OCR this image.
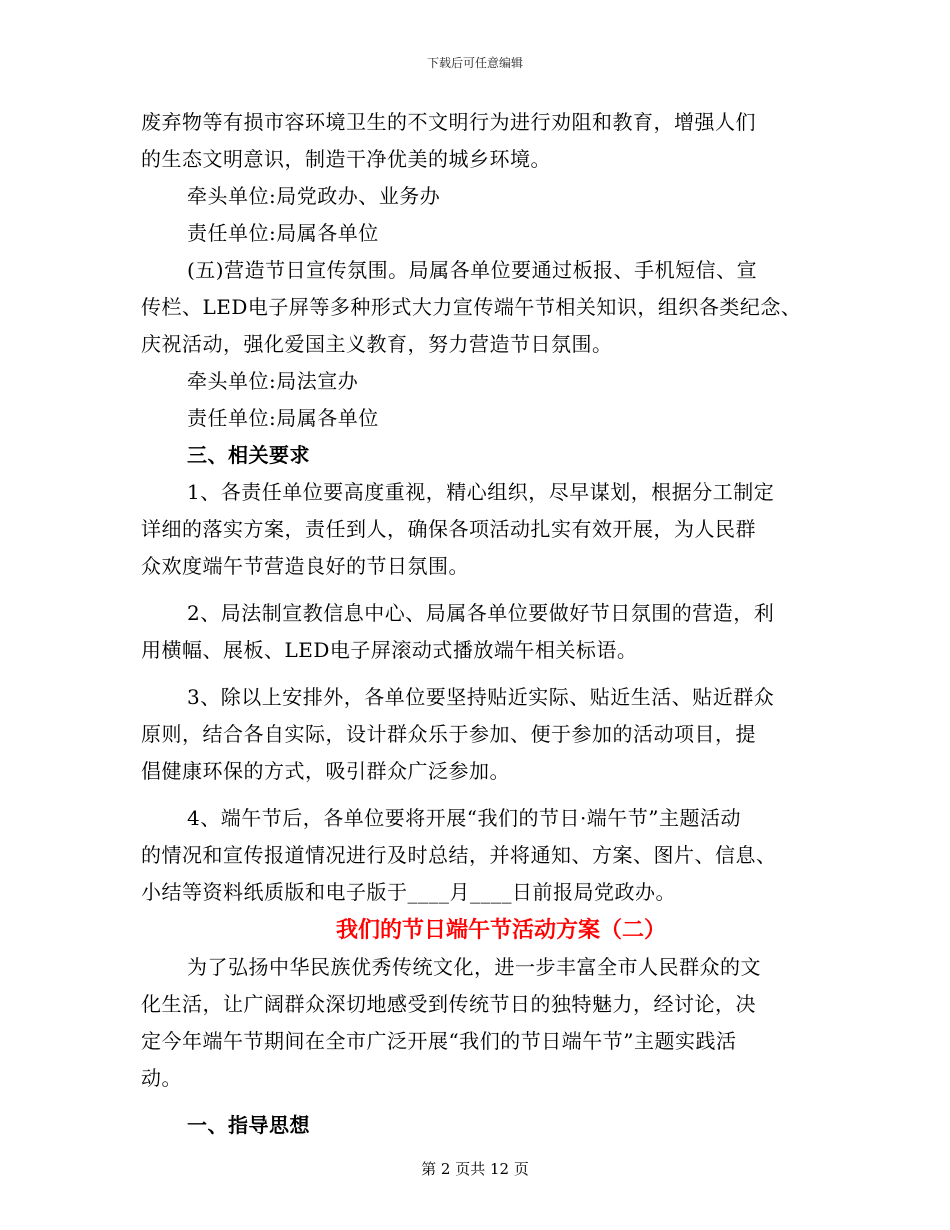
下载后可任意编辑
废弃物等有损市容环境卫生的不文明行为进行劝阻和教育，增强人们
的生态文明意识，制造干净优美的城乡环境。
牵头单位:局党政办、业务办
责任单位:局属各单位
(五)营造节日宣传氛围。局属各单位要通过板报、手机短信、宣
传栏、LED电子屏等多种形式大力宣传端午节相关知识，组织各类纪念、
庆祝活动，强化爱国主义教育，努力营造节日氛围。
牵头单位:局法宣办
责任单位:局属各单位
三、相关要求
1、各责任单位要高度重视，精心组织，尽早谋划，根据分工制定
详细的落实方案，责任到人，确保各项活动扎实有效开展，为人民群
众欢度端午节营造良好的节日氛围。
2、局法制宣教信息中心、局属各单位要做好节日氛围的营造，利
用横幅、展板、LED电子屏滚动式播放端午相关标语。
3、除以上安排外，各单位要坚持贴近实际、贴近生活、贴近群众
原则，结合各自实际，设计群众乐于参加、便于参加的活动项目，提
倡健康环保的方式，吸引群众广泛参加。
4、端午节后，各单位要将开展“我们的节日·端午节”主题活动
的情况和宣传报道情况进行及时总结，并将通知、方案、图片、信息、
小结等资料纸质版和电子版于____月____日前报局党政办。
我们的节日端午节活动方案（二）
为了弘扬中华民族优秀传统文化，进一步丰富全市人民群众的文
化生活，让广阔群众深切地感受到传统节日的独特魅力，经讨论，决
定今年端午节期间在全市广泛开展“我们的节日端午节”主题实践活
动。
一、指导思想
第 2 页共 12 页
